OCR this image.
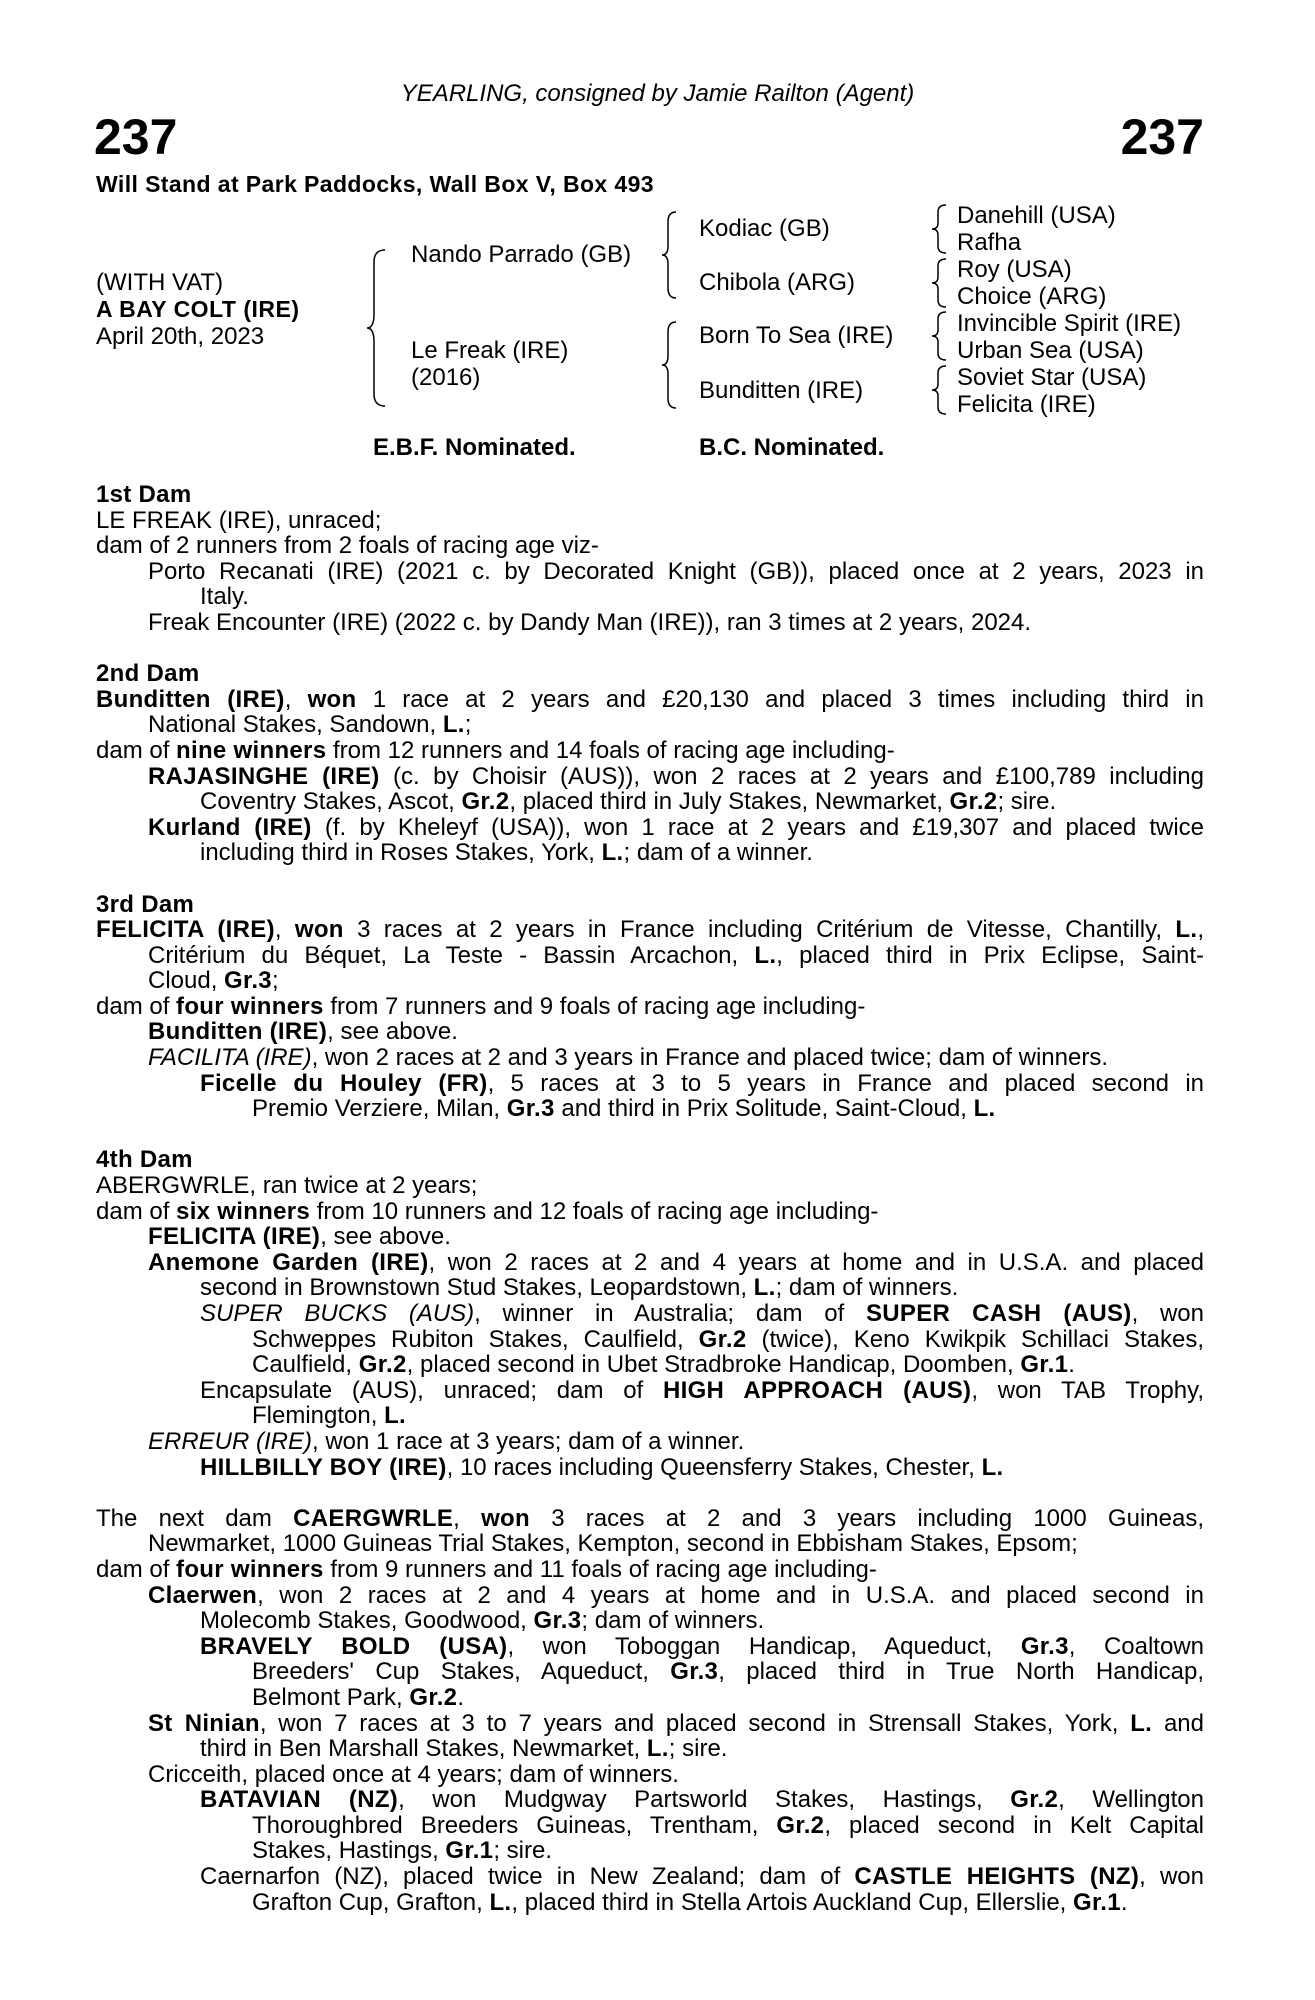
237	237
YEARLING, consigned by Jamie Railton (Agent)
Will Stand at Park Paddocks, Wall Box V, Box 493
(WITH VAT)
A BAY COLT (IRE)
April 20th, 2023
Nando Parrado (GB)
Le Freak (IRE)
(2016)
Kodiac (GB)
Chibola (ARG)
Born To Sea (IRE)
Bunditten (IRE)
Danehill (USA)
Rafha
Roy (USA)
Choice (ARG)
Invincible Spirit (IRE)
Urban Sea (USA)
Soviet Star (USA)
Felicita (IRE)
E.B.F. Nominated.	B.C. Nominated.
1st Dam
LE FREAK (IRE), unraced;
dam of 2 runners from 2 foals of racing age viz-
Porto Recanati (IRE) (2021 c. by Decorated Knight (GB)), placed once at 2 years, 2023 in
Italy.
Freak Encounter (IRE) (2022 c. by Dandy Man (IRE)), ran 3 times at 2 years, 2024.
2nd Dam
Bunditten (IRE), won 1 race at 2 years and £20,130 and placed 3 times including third in
National Stakes, Sandown, L.;
dam of nine winners from 12 runners and 14 foals of racing age including-
RAJASINGHE (IRE) (c. by Choisir (AUS)), won 2 races at 2 years and £100,789 including
Coventry Stakes, Ascot, Gr.2, placed third in July Stakes, Newmarket, Gr.2; sire.
Kurland (IRE) (f. by Kheleyf (USA)), won 1 race at 2 years and £19,307 and placed twice
including third in Roses Stakes, York, L.; dam of a winner.
3rd Dam
FELICITA (IRE), won 3 races at 2 years in France including Critérium de Vitesse, Chantilly, L.,
Critérium du Béquet, La Teste - Bassin Arcachon, L., placed third in Prix Eclipse, Saint-
Cloud, Gr.3;
dam of four winners from 7 runners and 9 foals of racing age including-
Bunditten (IRE), see above.
FACILITA (IRE), won 2 races at 2 and 3 years in France and placed twice; dam of winners.
Ficelle du Houley (FR), 5 races at 3 to 5 years in France and placed second in
Premio Verziere, Milan, Gr.3 and third in Prix Solitude, Saint-Cloud, L.
4th Dam
ABERGWRLE, ran twice at 2 years;
dam of six winners from 10 runners and 12 foals of racing age including-
FELICITA (IRE), see above.
Anemone Garden (IRE), won 2 races at 2 and 4 years at home and in U.S.A. and placed
second in Brownstown Stud Stakes, Leopardstown, L.; dam of winners.
SUPER BUCKS (AUS), winner in Australia; dam of SUPER CASH (AUS), won
Schweppes Rubiton Stakes, Caulfield, Gr.2 (twice), Keno Kwikpik Schillaci Stakes,
Caulfield, Gr.2, placed second in Ubet Stradbroke Handicap, Doomben, Gr.1.
Encapsulate (AUS), unraced; dam of HIGH APPROACH (AUS), won TAB Trophy,
Flemington, L.
ERREUR (IRE), won 1 race at 3 years; dam of a winner.
HILLBILLY BOY (IRE), 10 races including Queensferry Stakes, Chester, L.
The next dam CAERGWRLE, won 3 races at 2 and 3 years including 1000 Guineas,
Newmarket, 1000 Guineas Trial Stakes, Kempton, second in Ebbisham Stakes, Epsom;
dam of four winners from 9 runners and 11 foals of racing age including-
Claerwen, won 2 races at 2 and 4 years at home and in U.S.A. and placed second in
Molecomb Stakes, Goodwood, Gr.3; dam of winners.
BRAVELY BOLD (USA), won Toboggan Handicap, Aqueduct, Gr.3, Coaltown
Breeders' Cup Stakes, Aqueduct, Gr.3, placed third in True North Handicap,
Belmont Park, Gr.2.
St Ninian, won 7 races at 3 to 7 years and placed second in Strensall Stakes, York, L. and
third in Ben Marshall Stakes, Newmarket, L.; sire.
Cricceith, placed once at 4 years; dam of winners.
BATAVIAN (NZ), won Mudgway Partsworld Stakes, Hastings, Gr.2, Wellington
Thoroughbred Breeders Guineas, Trentham, Gr.2, placed second in Kelt Capital
Stakes, Hastings, Gr.1; sire.
Caernarfon (NZ), placed twice in New Zealand; dam of CASTLE HEIGHTS (NZ), won
Grafton Cup, Grafton, L., placed third in Stella Artois Auckland Cup, Ellerslie, Gr.1.
